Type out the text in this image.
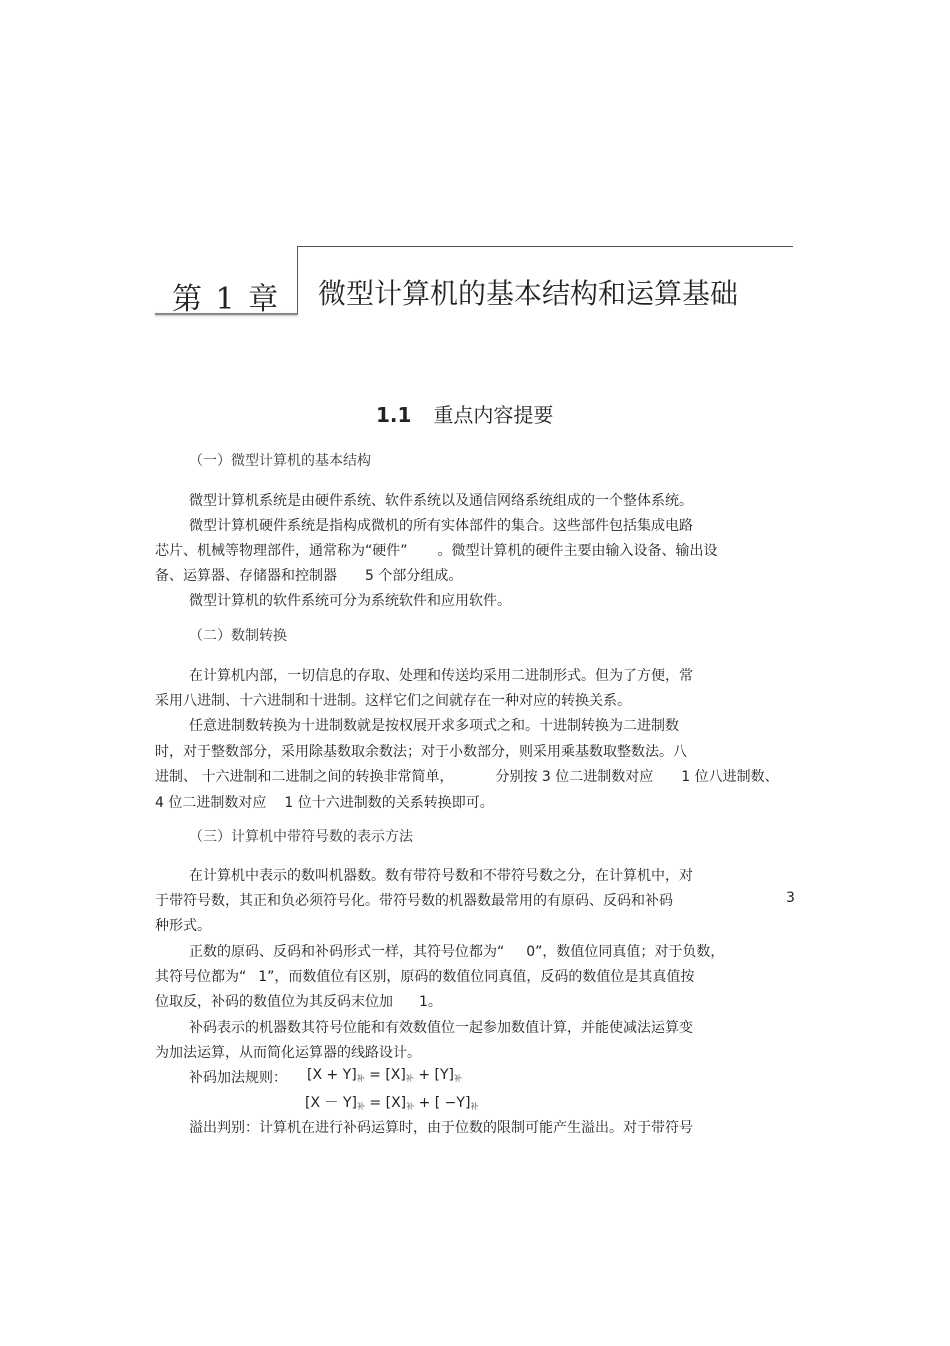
第 1 章 微型计算机的基本结构和运算基础
1.1 重点内容提要
（一）微型计算机的基本结构
微型计算机系统是由硬件系统、软件系统以及通信网络系统组成的一个整体系统。
微型计算机硬件系统是指构成微机的所有实体部件的集合。这些部件包括集成电路
芯片、机械等物理部件，通常称为“硬件” 。微型计算机的硬件主要由输入设备、输出设
备、运算器、存储器和控制器 5 个部分组成。
微型计算机的软件系统可分为系统软件和应用软件。
（二）数制转换
在计算机内部，一切信息的存取、处理和传送均采用二进制形式。但为了方便，常
采用八进制、十六进制和十进制。这样它们之间就存在一种对应的转换关系。
任意进制数转换为十进制数就是按权展开求多项式之和。十进制转换为二进制数
时，对于整数部分，采用除基数取余数法；对于小数部分，则采用乘基数取整数法。八
进制、 十六进制和二进制之间的转换非常简单，	分别按 3 位二进制数对应 1 位八进制数、
4 位二进制数对应 1 位十六进制数的关系转换即可。
（三）计算机中带符号数的表示方法
在计算机中表示的数叫机器数。数有带符号数和不带符号数之分，在计算机中，对
于带符号数，其正和负必须符号化。带符号数的机器数最常用的有原码、反码和补码	3
种形式。
正数的原码、反码和补码形式一样，其符号位都为“ 0”，数值位同真值；对于负数，
其符号位都为“ 1”，而数值位有区别，原码的数值位同真值，反码的数值位是其真值按
位取反，补码的数值位为其反码末位加 1。
补码表示的机器数其符号位能和有效数值位一起参加数值计算，并能使减法运算变
为加法运算，从而简化运算器的线路设计。
补码加法规则： [X + Y]补 = [X]补 + [Y]补
[X － Y]补 = [X]补 + [ −Y]补
溢出判别：计算机在进行补码运算时，由于位数的限制可能产生溢出。对于带符号
